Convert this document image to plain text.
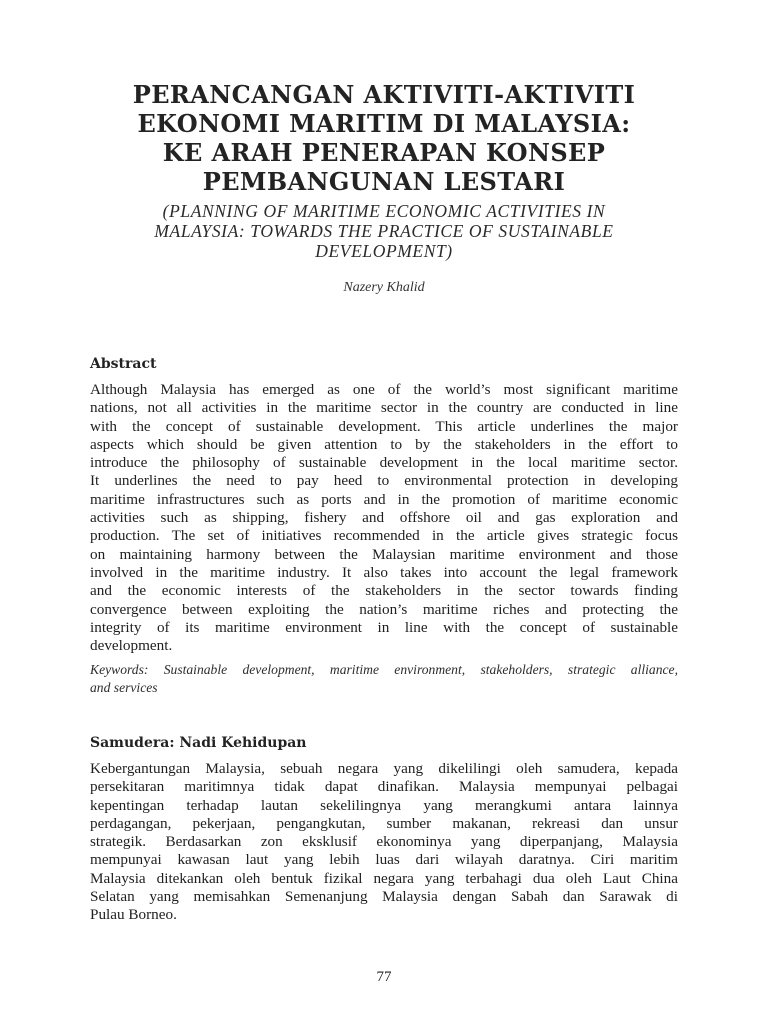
PERANCANGAN AKTIVITI-AKTIVITI
EKONOMI MARITIM DI MALAYSIA:
KE ARAH PENERAPAN KONSEP
PEMBANGUNAN LESTARI
(PLANNING OF MARITIME ECONOMIC ACTIVITIES IN
MALAYSIA: TOWARDS THE PRACTICE OF SUSTAINABLE
DEVELOPMENT)
Nazery Khalid
Abstract
Although Malaysia has emerged as one of the world’s most significant maritime
nations, not all activities in the maritime sector in the country are conducted in line
with the concept of sustainable development. This article underlines the major
aspects which should be given attention to by the stakeholders in the effort to
introduce the philosophy of sustainable development in the local maritime sector.
It underlines the need to pay heed to environmental protection in developing
maritime infrastructures such as ports and in the promotion of maritime economic
activities such as shipping, fishery and offshore oil and gas exploration and
production. The set of initiatives recommended in the article gives strategic focus
on maintaining harmony between the Malaysian maritime environment and those
involved in the maritime industry. It also takes into account the legal framework
and the economic interests of the stakeholders in the sector towards finding
convergence between exploiting the nation’s maritime riches and protecting the
integrity of its maritime environment in line with the concept of sustainable
development.
Keywords: Sustainable development, maritime environment, stakeholders, strategic alliance,
and services
Samudera: Nadi Kehidupan
Kebergantungan Malaysia, sebuah negara yang dikelilingi oleh samudera, kepada
persekitaran maritimnya tidak dapat dinafikan. Malaysia mempunyai pelbagai
kepentingan terhadap lautan sekelilingnya yang merangkumi antara lainnya
perdagangan, pekerjaan, pengangkutan, sumber makanan, rekreasi dan unsur
strategik. Berdasarkan zon eksklusif ekonominya yang diperpanjang, Malaysia
mempunyai kawasan laut yang lebih luas dari wilayah daratnya. Ciri maritim
Malaysia ditekankan oleh bentuk fizikal negara yang terbahagi dua oleh Laut China
Selatan yang memisahkan Semenanjung Malaysia dengan Sabah dan Sarawak di
Pulau Borneo.
77
